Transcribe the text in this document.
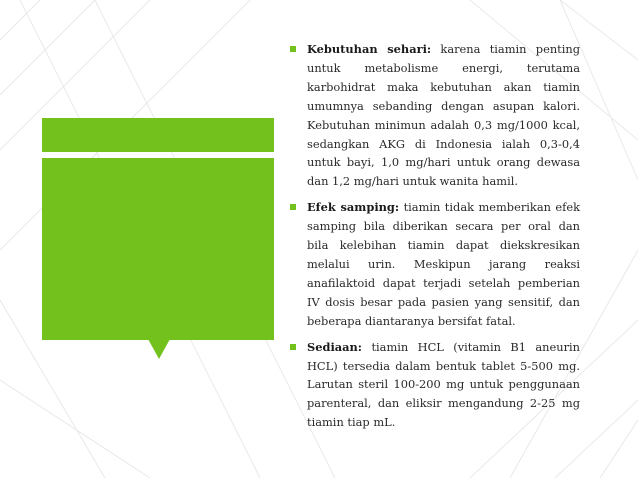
Kebutuhan sehari: karena tiamin penting untuk metabolisme energi, terutama karbohidrat maka kebutuhan akan tiamin umumnya sebanding dengan asupan kalori. Kebutuhan minimun adalah 0,3 mg/1000 kcal, sedangkan AKG di Indonesia ialah 0,3-0,4 untuk bayi, 1,0 mg/hari untuk orang dewasa dan 1,2 mg/hari untuk wanita hamil.
Efek samping: tiamin tidak memberikan efek samping bila diberikan secara per oral dan bila kelebihan tiamin dapat diekskresikan melalui urin. Meskipun jarang reaksi anafilaktoid dapat terjadi setelah pemberian IV dosis besar pada pasien yang sensitif, dan beberapa diantaranya bersifat fatal.
Sediaan: tiamin HCL (vitamin B1 aneurin HCL) tersedia dalam bentuk tablet 5-500 mg. Larutan steril 100-200 mg untuk penggunaan parenteral, dan eliksir mengandung 2-25 mg tiamin tiap mL.
